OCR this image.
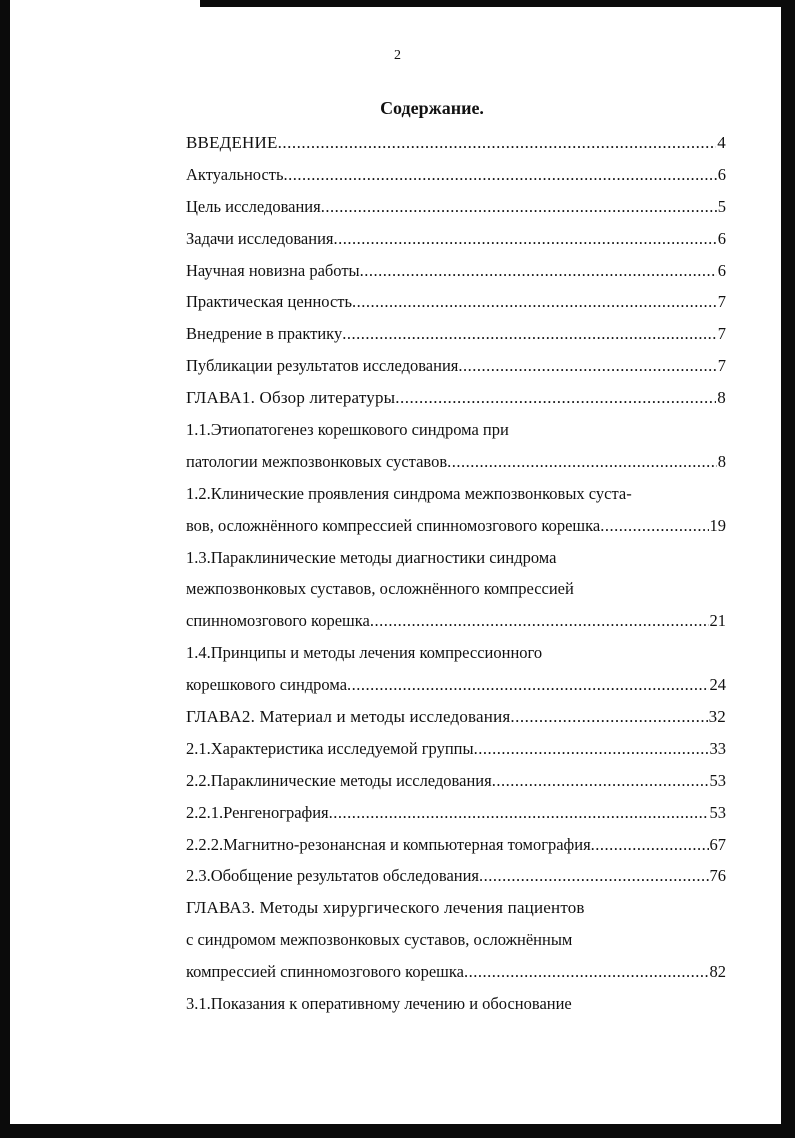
2
Содержание.
ВВЕДЕНИЕ .....	4
Актуальность .....	6
Цель исследования .....	5
Задачи исследования .....	6
Научная новизна работы .....	6
Практическая ценность .....	7
Внедрение в практику .....	7
Публикации результатов исследования .....	7
ГЛАВА1. Обзор литературы .....	8
1.1.Этиопатогенез корешкового синдрома при
патологии межпозвонковых суставов .....	8
1.2.Клинические проявления синдрома межпозвонковых суста-
вов, осложнённого компрессией спинномозгового корешка .....	19
1.3.Параклинические методы диагностики синдрома
межпозвонковых суставов, осложнённого компрессией
спинномозгового корешка .....	21
1.4.Принципы и методы лечения компрессионного
корешкового синдрома .....	24
ГЛАВА2. Материал и методы исследования .....	32
2.1.Характеристика исследуемой группы .....	33
2.2.Параклинические методы исследования .....	53
2.2.1.Ренгенография .....	53
2.2.2.Магнитно-резонансная и компьютерная томография .....	67
2.3.Обобщение результатов обследования .....	76
ГЛАВА3. Методы хирургического лечения пациентов
с синдромом межпозвонковых суставов, осложнённым
компрессией спинномозгового корешка .....	82
3.1.Показания к оперативному лечению и обоснование
